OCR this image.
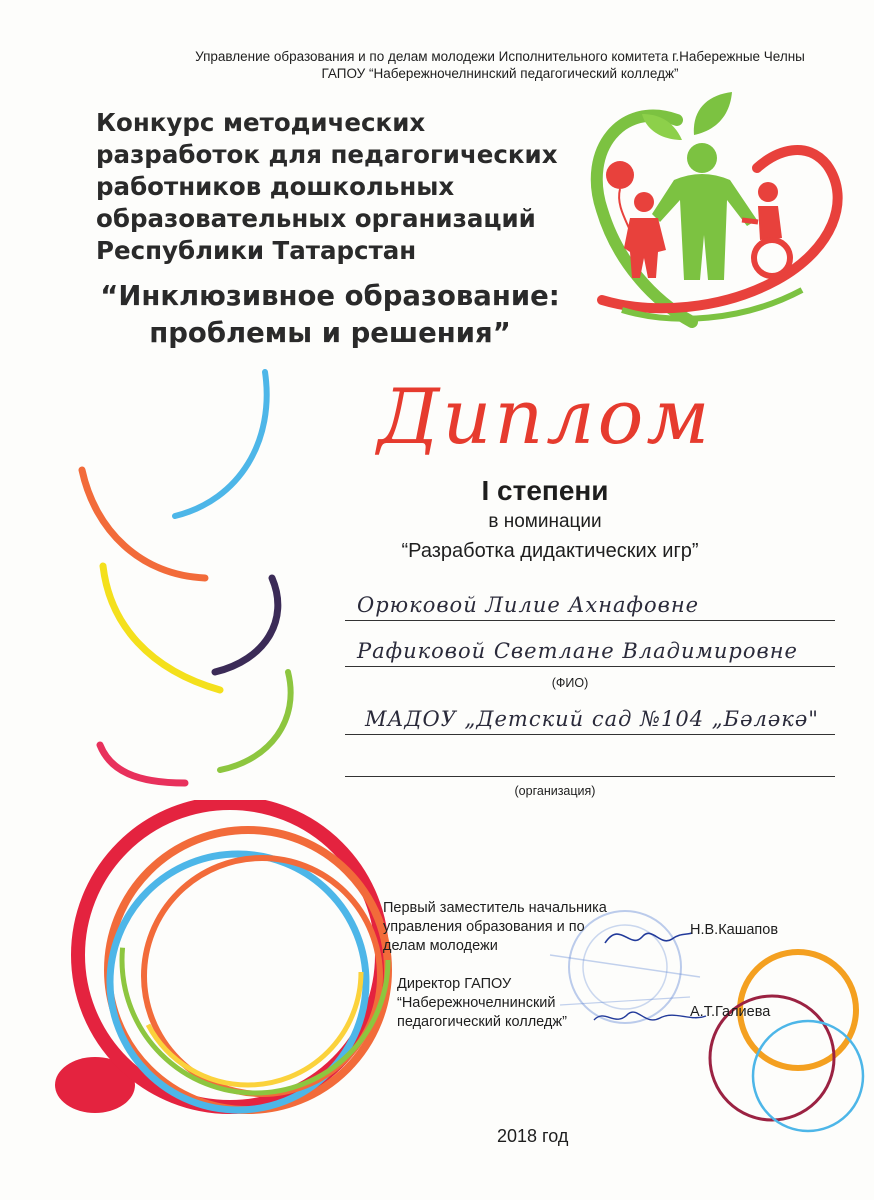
Управление образования и по делам молодежи Исполнительного комитета г.Набережные Челны
ГАПОУ “Набережночелнинский педагогический колледж”
Конкурс методических
разработок для педагогических
работников дошкольных
образовательных организаций
Республики Татарстан
“Инклюзивное образование:
проблемы и решения”
Диплом
I степени
в номинации
“Разработка дидактических игр”
Орюковой Лилие Ахнафовне
Рафиковой Светлане Владимировне
(ФИО)
МАДОУ „Детский сад №104 „Бәләкә"
(организация)
Первый заместитель начальника
управления образования и по
делам молодежи
Н.В.Кашапов
Директор ГАПОУ
“Набережночелнинский
педагогический колледж”
А.Т.Галиева
2018 год
